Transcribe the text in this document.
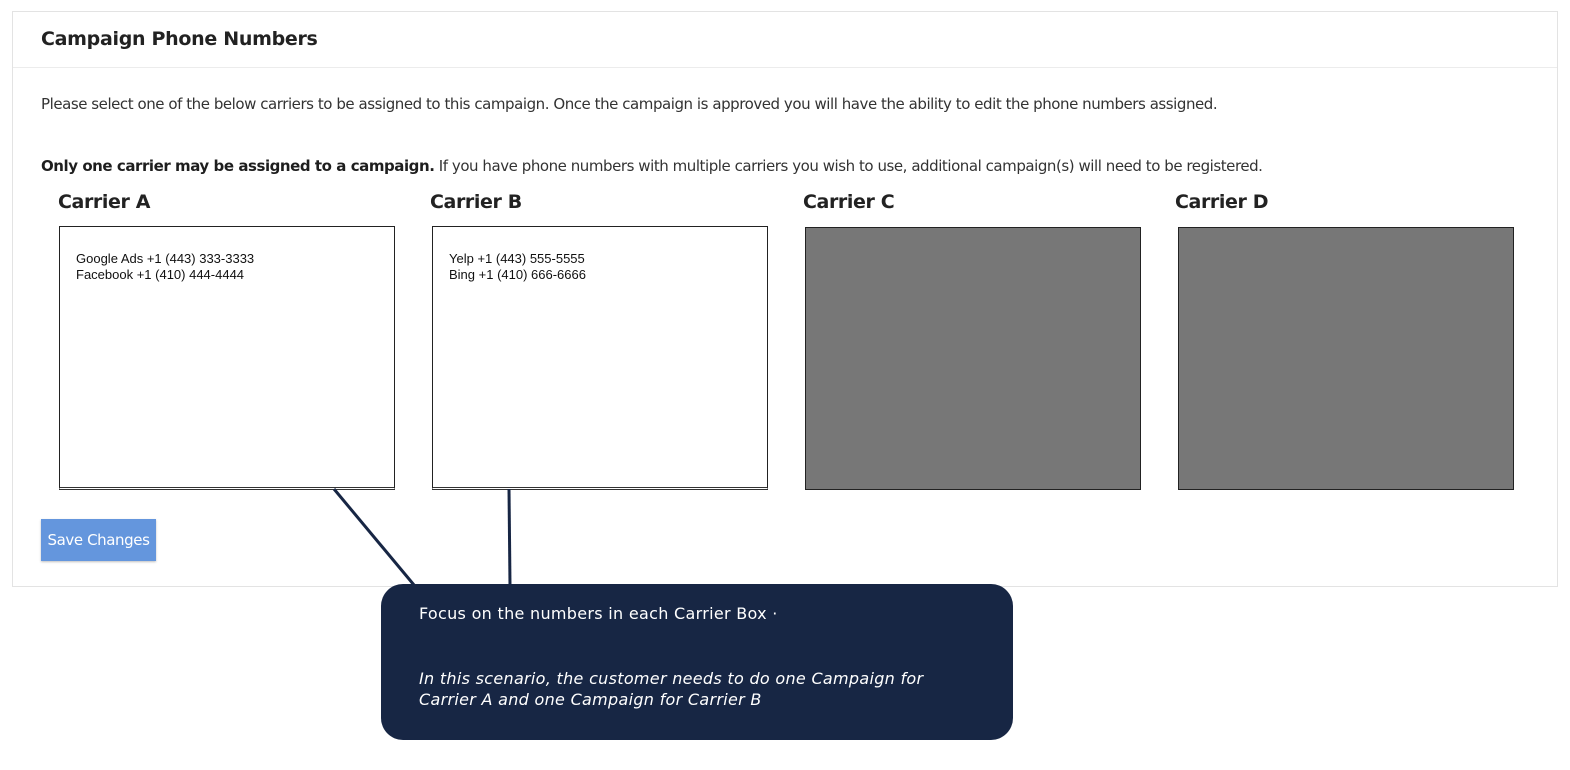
Campaign Phone Numbers
Please select one of the below carriers to be assigned to this campaign. Once the campaign is approved you will have the ability to edit the phone numbers assigned.
Only one carrier may be assigned to a campaign. If you have phone numbers with multiple carriers you wish to use, additional campaign(s) will need to be registered.
Carrier A	Carrier B	Carrier C	Carrier D
Google Ads +1 (443) 333-3333
Facebook +1 (410) 444-4444
Yelp +1 (443) 555-5555
Bing +1 (410) 666-6666
Save Changes
Focus on the numbers in each Carrier Box ·
In this scenario, the customer needs to do one Campaign for Carrier A and one Campaign for Carrier B
